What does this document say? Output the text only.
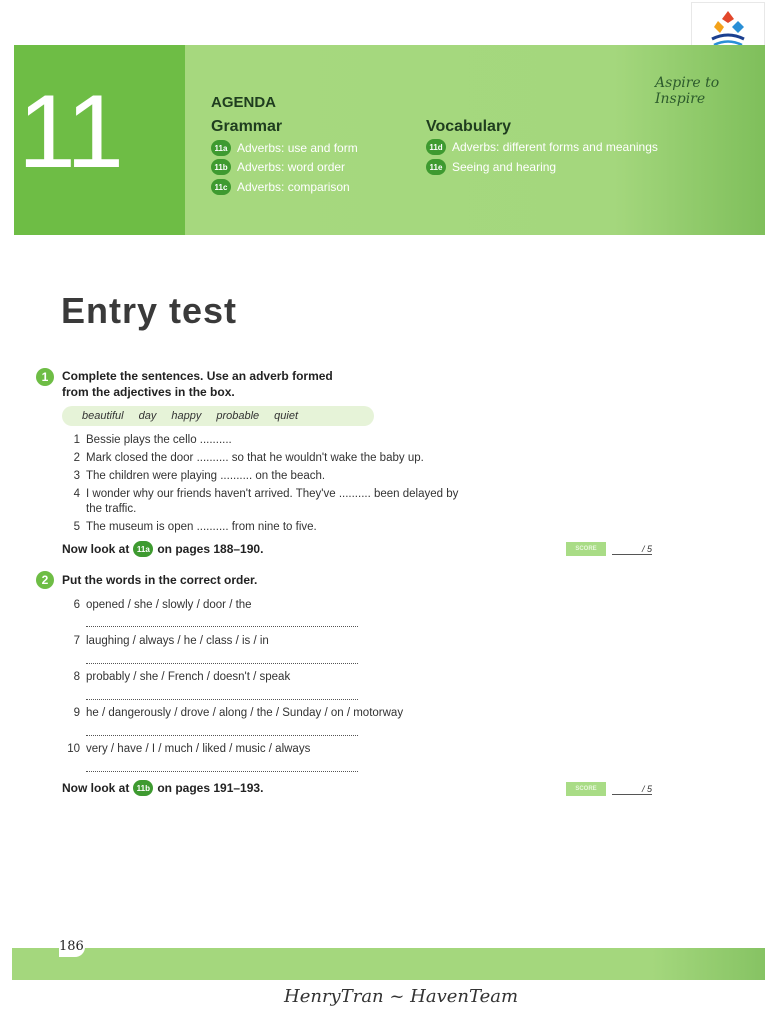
11	Aspire to Inspire
AGENDA
Grammar	Vocabulary
11a Adverbs: use and form
11b Adverbs: word order
11c Adverbs: comparison
11d Adverbs: different forms and meanings
11e Seeing and hearing
Entry test
1	Complete the sentences. Use an adverb formed
from the adjectives in the box.
beautiful day happy probable quiet
1 Bessie plays the cello ..........
2 Mark closed the door .......... so that he wouldn't wake the baby up.
3 The children were playing .......... on the beach.
4 I wonder why our friends haven't arrived. They've .......... been delayed by
the traffic.
5 The museum is open .......... from nine to five.
Now look at 11a on pages 188–190.	SCORE	/ 5
2	Put the words in the correct order.
6 opened / she / slowly / door / the
7 laughing / always / he / class / is / in
8 probably / she / French / doesn't / speak
9 he / dangerously / drove / along / the / Sunday / on / motorway
10 very / have / I / much / liked / music / always
Now look at 11b on pages 191–193.	SCORE	/ 5
186
HenryTran ~ HavenTeam
